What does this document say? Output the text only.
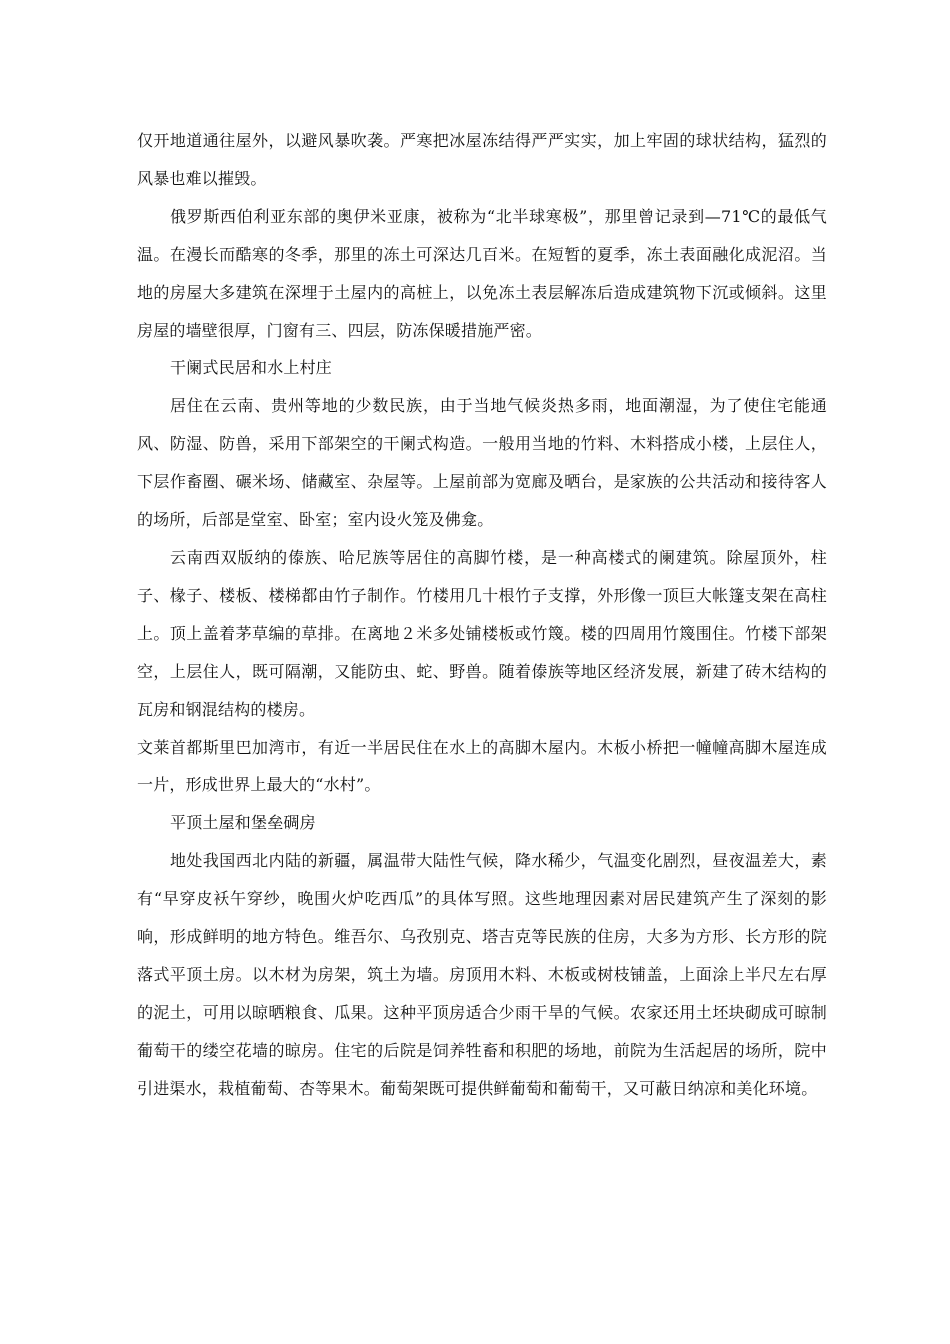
仅开地道通往屋外，以避风暴吹袭。严寒把冰屋冻结得严严实实，加上牢固的球状结构，猛烈的风暴也难以摧毁。

俄罗斯西伯利亚东部的奥伊米亚康，被称为“北半球寒极”，那里曾记录到—71℃的最低气温。在漫长而酷寒的冬季，那里的冻土可深达几百米。在短暂的夏季，冻土表面融化成泥沼。当地的房屋大多建筑在深埋于土屋内的高桩上，以免冻土表层解冻后造成建筑物下沉或倾斜。这里房屋的墙壁很厚，门窗有三、四层，防冻保暖措施严密。

干阑式民居和水上村庄

居住在云南、贵州等地的少数民族，由于当地气候炎热多雨，地面潮湿，为了使住宅能通风、防湿、防兽，采用下部架空的干阑式构造。一般用当地的竹料、木料搭成小楼，上层住人，下层作畜圈、碾米场、储藏室、杂屋等。上屋前部为宽廊及晒台，是家族的公共活动和接待客人的场所，后部是堂室、卧室；室内设火笼及佛龛。

云南西双版纳的傣族、哈尼族等居住的高脚竹楼，是一种高楼式的阑建筑。除屋顶外，柱子、椽子、楼板、楼梯都由竹子制作。竹楼用几十根竹子支撑，外形像一顶巨大帐篷支架在高柱上。顶上盖着茅草编的草排。在离地２米多处铺楼板或竹篾。楼的四周用竹篾围住。竹楼下部架空，上层住人，既可隔潮，又能防虫、蛇、野兽。随着傣族等地区经济发展，新建了砖木结构的瓦房和钢混结构的楼房。

文莱首都斯里巴加湾市，有近一半居民住在水上的高脚木屋内。木板小桥把一幢幢高脚木屋连成一片，形成世界上最大的“水村”。

平顶土屋和堡垒碉房

地处我国西北内陆的新疆，属温带大陆性气候，降水稀少，气温变化剧烈，昼夜温差大，素有“早穿皮袄午穿纱，晚围火炉吃西瓜”的具体写照。这些地理因素对居民建筑产生了深刻的影响，形成鲜明的地方特色。维吾尔、乌孜别克、塔吉克等民族的住房，大多为方形、长方形的院落式平顶土房。以木材为房架，筑土为墙。房顶用木料、木板或树枝铺盖，上面涂上半尺左右厚的泥土，可用以晾晒粮食、瓜果。这种平顶房适合少雨干旱的气候。农家还用土坯块砌成可晾制葡萄干的缕空花墙的晾房。住宅的后院是饲养牲畜和积肥的场地，前院为生活起居的场所，院中引进渠水，栽植葡萄、杏等果木。葡萄架既可提供鲜葡萄和葡萄干，又可蔽日纳凉和美化环境。
